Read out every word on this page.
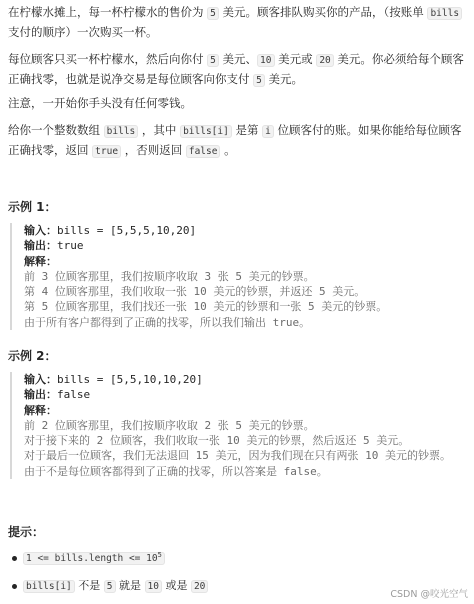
在柠檬水摊上，每一杯柠檬水的售价为 5 美元。顾客排队购买你的产品，（按账单 bills 支付的顺序）一次购买一杯。

每位顾客只买一杯柠檬水，然后向你付 5 美元、 10 美元或 20 美元。你必须给每个顾客正确找零，也就是说净交易是每位顾客向你支付 5 美元。

注意，一开始你手头没有任何零钱。

给你一个整数数组 bills ，其中 bills[i] 是第 i 位顾客付的账。如果你能给每位顾客正确找零，返回 true ，否则返回 false 。

示例 1：
输入：bills = [5,5,5,10,20]
输出：true
解释：
前 3 位顾客那里，我们按顺序收取 3 张 5 美元的钞票。
第 4 位顾客那里，我们收取一张 10 美元的钞票，并返还 5 美元。
第 5 位顾客那里，我们找还一张 10 美元的钞票和一张 5 美元的钞票。
由于所有客户都得到了正确的找零，所以我们输出 true。
示例 2：
输入：bills = [5,5,10,10,20]
输出：false
解释：
前 2 位顾客那里，我们按顺序收取 2 张 5 美元的钞票。
对于接下来的 2 位顾客，我们收取一张 10 美元的钞票，然后返还 5 美元。
对于最后一位顾客，我们无法退回 15 美元，因为我们现在只有两张 10 美元的钞票。
由于不是每位顾客都得到了正确的找零，所以答案是 false。
提示：
1 <= bills.length <= $10^5$
bills[i] 不是 5 就是 10 或是 20
CSDN @咬光空气
